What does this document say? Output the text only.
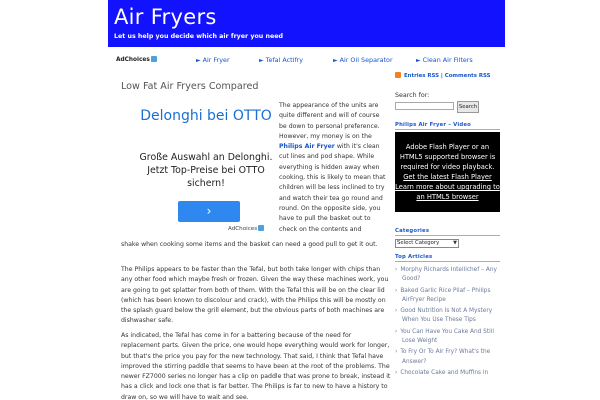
Air Fryers
Let us help you decide which air fryer you need
AdChoices	► Air Fryer	► Tefal Actifry	► Air Oil Separator	► Clean Air Filters
Entries RSS | Comments RSS
Search for:
Search
Philips Air Fryer – Video
Adobe Flash Player or an HTML5 supported browser is required for video playback.
Get the latest Flash Player
Learn more about upgrading to an HTML5 browser
Categories
Select Category	▼
Top Articles
› Morphy Richards Intellichef – Any Good?
› Baked Garlic Rice Pilaf – Philips AirFryer Recipe
› Good Nutrition Is Not A Mystery When You Use These Tips
› You Can Have You Cake And Still Lose Weight
› To Fry Or To Air Fry? What's the Answer?
› Chocolate Cake and Muffins in
Low Fat Air Fryers Compared
Delonghi bei OTTO
Große Auswahl an Delonghi. Jetzt Top-Preise bei OTTO sichern!
›
AdChoices
The appearance of the units are quite different and will of course be down to personal preference. However, my money is on the Philips Air Fryer with it's clean cut lines and pod shape. While everything is hidden away when cooking, this is likely to mean that children will be less inclined to try and watch their tea go round and round. On the opposite side, you have to pull the basket out to check on the contents and
shake when cooking some items and the basket can need a good pull to get it out.
The Philips appears to be faster than the Tefal, but both take longer with chips than any other food which maybe fresh or frozen. Given the way these machines work, you are going to get splatter from both of them. With the Tefal this will be on the clear lid (which has been known to discolour and crack), with the Philips this will be mostly on the splash guard below the grill element, but the obvious parts of both machines are dishwasher safe.
As indicated, the Tefal has come in for a battering because of the need for replacement parts. Given the price, one would hope everything would work for longer, but that's the price you pay for the new technology. That said, I think that Tefal have improved the stirring paddle that seems to have been at the root of the problems. The newer FZ7000 series no longer has a clip on paddle that was prone to break, instead it has a click and lock one that is far better. The Philips is far to new to have a history to draw on, so we will have to wait and see.
